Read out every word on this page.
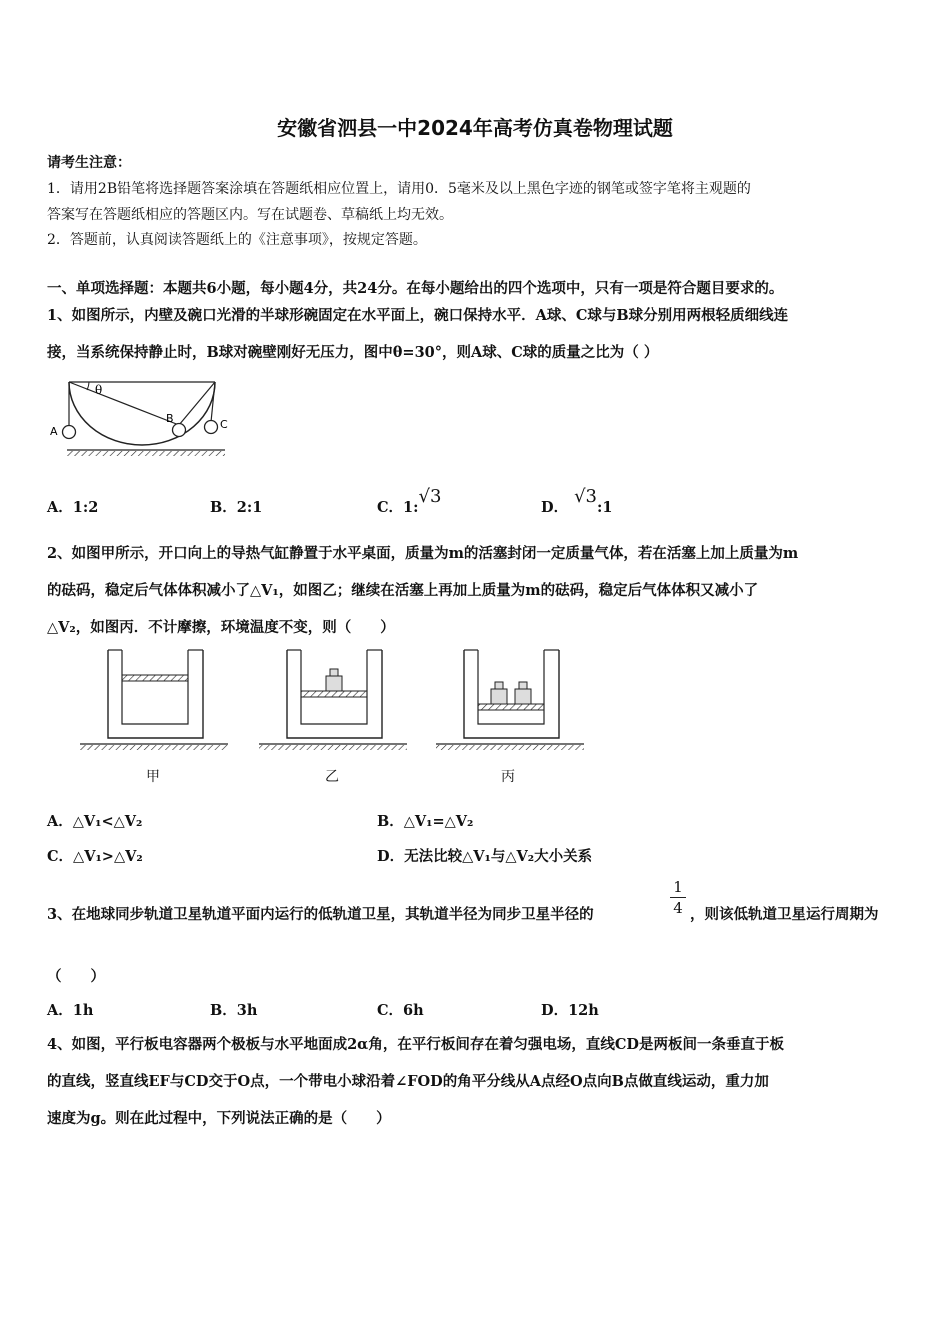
安徽省泗县一中2024年高考仿真卷物理试题
请考生注意：
1．请用2B铅笔将选择题答案涂填在答题纸相应位置上，请用0．5毫米及以上黑色字迹的钢笔或签字笔将主观题的
答案写在答题纸相应的答题区内。写在试题卷、草稿纸上均无效。
2．答题前，认真阅读答题纸上的《注意事项》，按规定答题。
一、单项选择题：本题共6小题，每小题4分，共24分。在每小题给出的四个选项中，只有一项是符合题目要求的。
1、如图所示，内壁及碗口光滑的半球形碗固定在水平面上，碗口保持水平．A球、C球与B球分别用两根轻质细线连
接，当系统保持静止时，B球对碗壁刚好无压力，图中θ=30°，则A球、C球的质量之比为（ ）
θ
A
B	C
A．1:2	B．2:1	C．1:√3
D．√3:1
2、如图甲所示，开口向上的导热气缸静置于水平桌面，质量为m的活塞封闭一定质量气体，若在活塞上加上质量为m
的砝码，稳定后气体体积减小了△V₁，如图乙；继续在活塞上再加上质量为m的砝码，稳定后气体体积又减小了
△V₂，如图丙．不计摩擦，环境温度不变，则（　　）
甲	乙	丙
A．△V₁<△V₂	B．△V₁=△V₂
C．△V₁>△V₂	D．无法比较△V₁与△V₂大小关系
3、在地球同步轨道卫星轨道平面内运行的低轨道卫星，其轨道半径为同步卫星半径的
1
4 ，则该低轨道卫星运行周期为
（　　）
A．1h	B．3h	C．6h	D．12h
4、如图，平行板电容器两个极板与水平地面成2α角，在平行板间存在着匀强电场，直线CD是两板间一条垂直于板
的直线，竖直线EF与CD交于O点，一个带电小球沿着∠FOD的角平分线从A点经O点向B点做直线运动，重力加
速度为g。则在此过程中，下列说法正确的是（　　）
